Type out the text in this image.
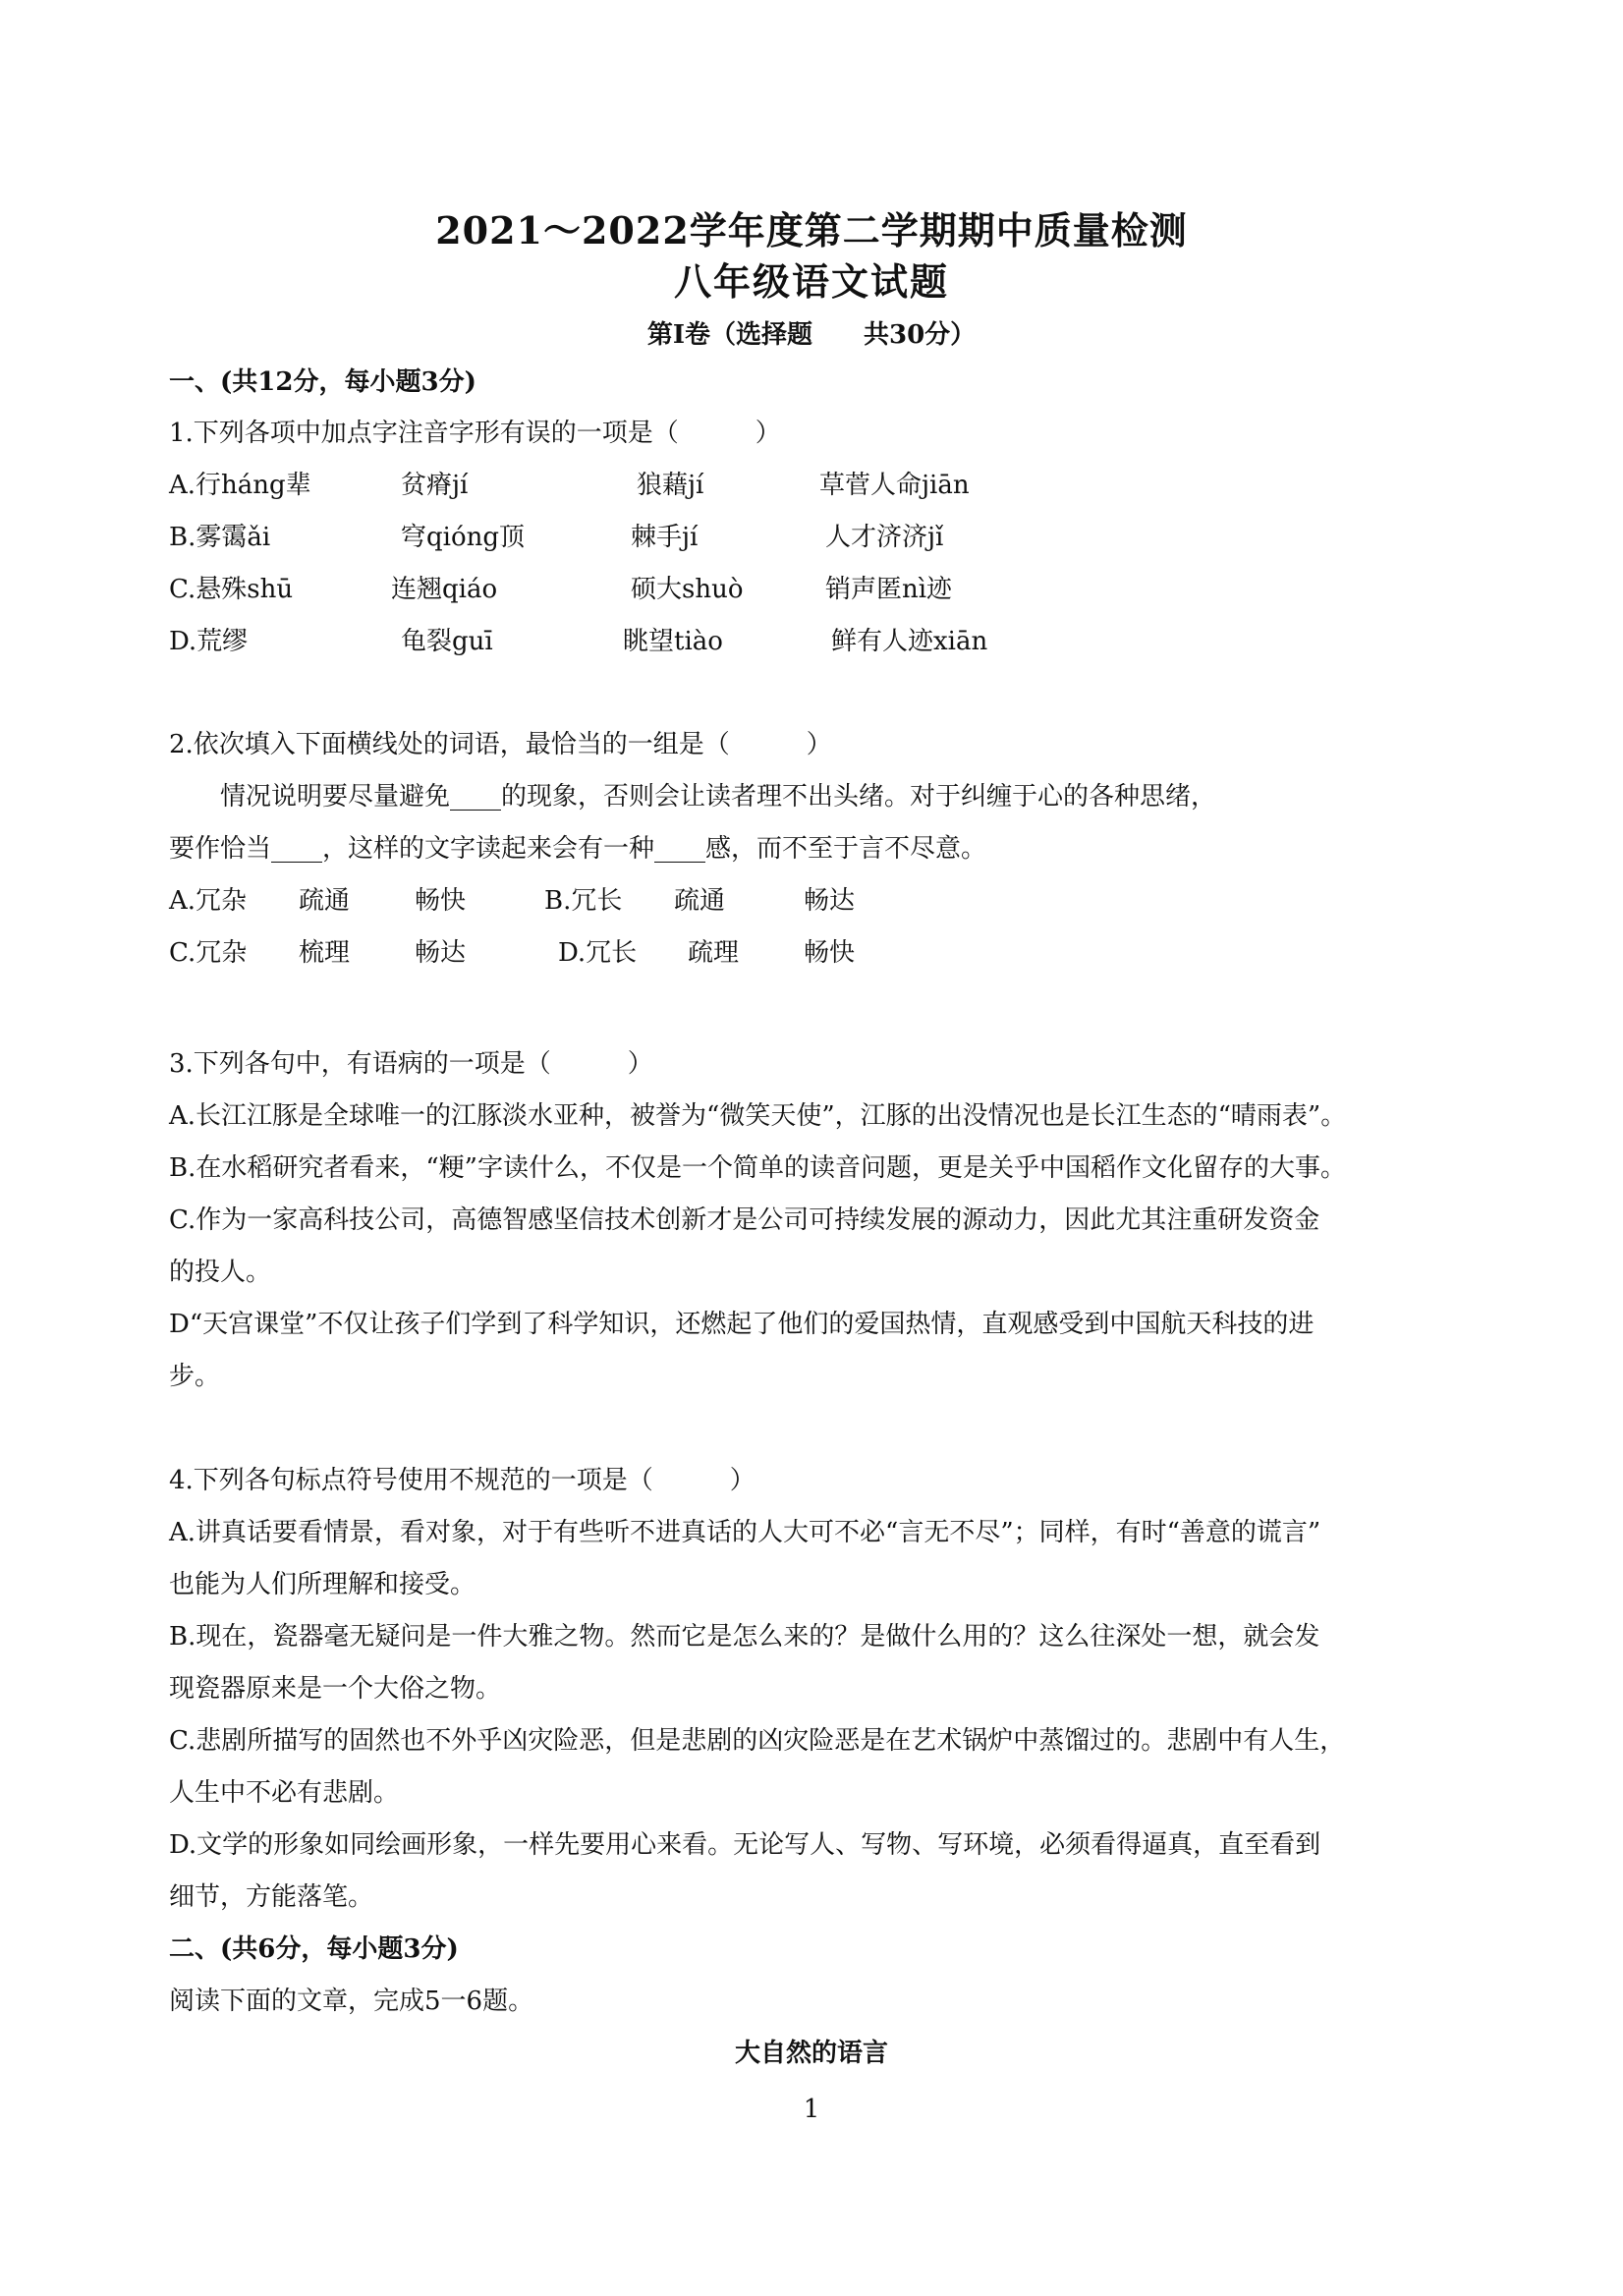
2021～2022学年度第二学期期中质量检测
八年级语文试题
第Ⅰ卷（选择题　　共30分）
一、(共12分，每小题3分)
1.下列各项中加点字注音字形有误的一项是（　　　）
A.行háng辈	贫瘠jí	狼藉jí	草菅人命jiān
B.雾霭ǎi	穹qióng顶	棘手jí	人才济济jǐ
C.悬殊shū	连翘qiáo	硕大shuò	销声匿nì迹
D.荒缪	龟裂guī	眺望tiào	鲜有人迹xiān
2.依次填入下面横线处的词语，最恰当的一组是（　　　）
　　情况说明要尽量避免____的现象，否则会让读者理不出头绪。对于纠缠于心的各种思绪，
要作恰当____，这样的文字读起来会有一种____感，而不至于言不尽意。
A.冗杂 疏通	畅快	B.冗长 疏通	畅达
C.冗杂 梳理	畅达	D.冗长 疏理	畅快
3.下列各句中，有语病的一项是（　　　）
A.长江江豚是全球唯一的江豚淡水亚种，被誉为“微笑天使”，江豚的出没情况也是长江生态的“晴雨表”。
B.在水稻研究者看来，“粳”字读什么，不仅是一个简单的读音问题，更是关乎中国稻作文化留存的大事。
C.作为一家高科技公司，高德智感坚信技术创新才是公司可持续发展的源动力，因此尤其注重研发资金
的投人。
D“天宫课堂”不仅让孩子们学到了科学知识，还燃起了他们的爱国热情，直观感受到中国航天科技的进
步。
4.下列各句标点符号使用不规范的一项是（　　　）
A.讲真话要看情景，看对象，对于有些听不进真话的人大可不必“言无不尽”；同样，有时“善意的谎言”
也能为人们所理解和接受。
B.现在，瓷器毫无疑问是一件大雅之物。然而它是怎么来的？是做什么用的？这么往深处一想，就会发
现瓷器原来是一个大俗之物。
C.悲剧所描写的固然也不外乎凶灾险恶，但是悲剧的凶灾险恶是在艺术锅炉中蒸馏过的。悲剧中有人生，
人生中不必有悲剧。
D.文学的形象如同绘画形象，一样先要用心来看。无论写人、写物、写环境，必须看得逼真，直至看到
细节，方能落笔。
二、(共6分，每小题3分)
阅读下面的文章，完成5一6题。
大自然的语言
1
